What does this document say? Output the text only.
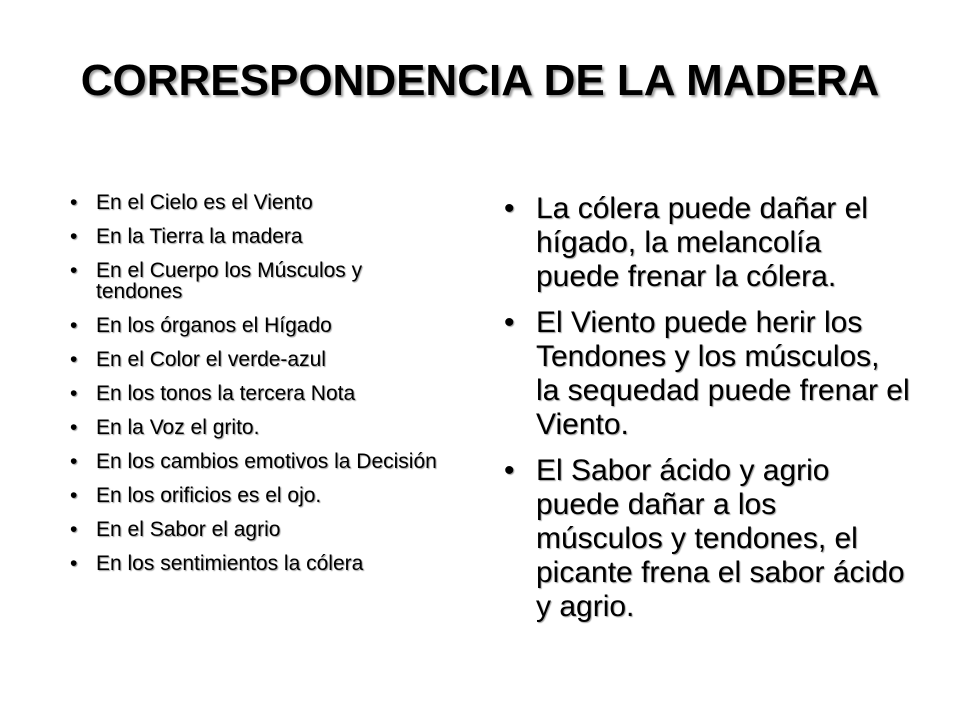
CORRESPONDENCIA DE LA MADERA
• En el Cielo es el Viento
• En la Tierra la madera
• En el Cuerpo los Músculos y tendones
• En los órganos el Hígado
• En el Color el verde-azul
• En los tonos la tercera Nota
• En la Voz el grito.
• En los cambios emotivos la Decisión
• En los orificios es el ojo.
• En el Sabor el agrio
• En los sentimientos la cólera
• La cólera puede dañar el hígado, la melancolía puede frenar la cólera.
• El Viento puede herir los Tendones y los músculos, la sequedad puede frenar el Viento.
• El Sabor ácido y agrio puede dañar a los músculos y tendones, el picante frena el sabor ácido y agrio.
